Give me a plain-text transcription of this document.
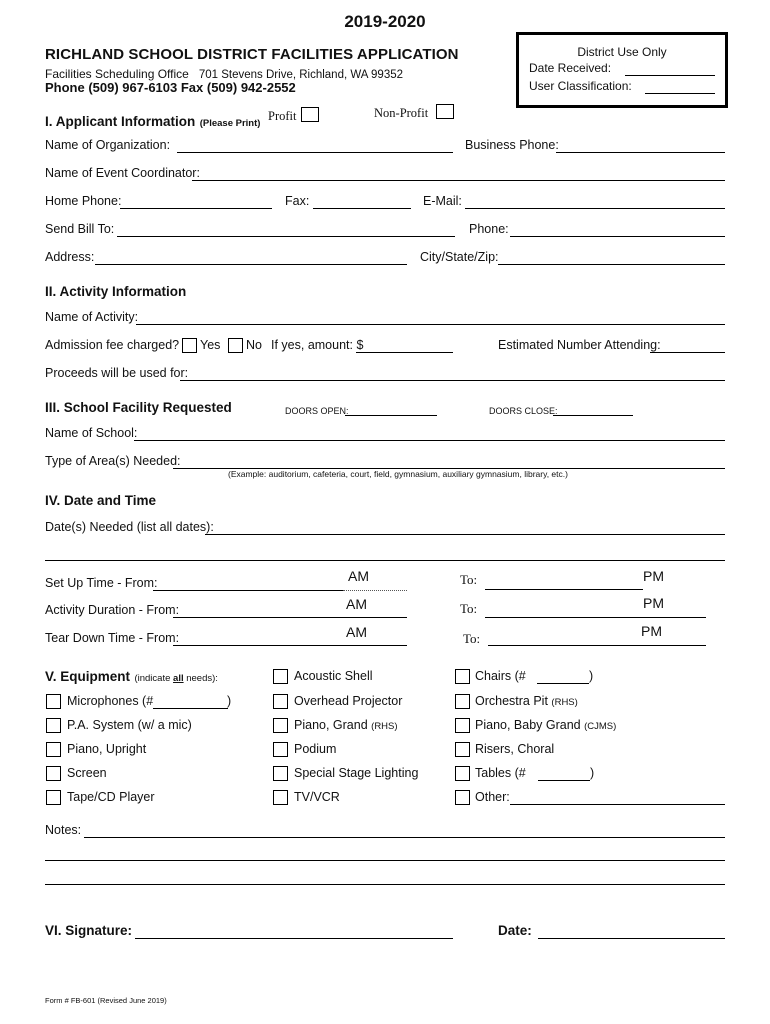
2019-2020
RICHLAND SCHOOL DISTRICT FACILITIES APPLICATION
Facilities Scheduling Office 701 Stevens Drive, Richland, WA 99352
Phone (509) 967-6103 Fax (509) 942-2552
District Use Only
Date Received:
User Classification:
I. Applicant Information (Please Print)
Profit	Non-Profit
Name of Organization:	Business Phone:
Name of Event Coordinator:
Home Phone:	Fax:	E-Mail:
Send Bill To:	Phone:
Address:	City/State/Zip:
II. Activity Information
Name of Activity:
Admission fee charged? Yes No If yes, amount: $	Estimated Number Attending:
Proceeds will be used for:
III. School Facility Requested	DOORS OPEN:	DOORS CLOSE:
Name of School:
Type of Area(s) Needed:
(Example: auditorium, cafeteria, court, field, gymnasium, auxiliary gymnasium, library, etc.)
IV. Date and Time
Date(s) Needed (list all dates):
Set Up Time - From:	AM	To:	PM
Activity Duration - From:	AM	To:	PM
Tear Down Time - From:	AM	To:	PM
V. Equipment (indicate all needs):
Microphones (#	)
P.A. System (w/ a mic)
Piano, Upright
Screen
Tape/CD Player
Acoustic Shell
Overhead Projector
Piano, Grand (RHS)
Podium
Special Stage Lighting
TV/VCR
Chairs (#	)
Orchestra Pit (RHS)
Piano, Baby Grand (CJMS)
Risers, Choral
Tables (#	)
Other:
Notes:
VI. Signature:	Date:
Form # FB-601 (Revised June 2019)
